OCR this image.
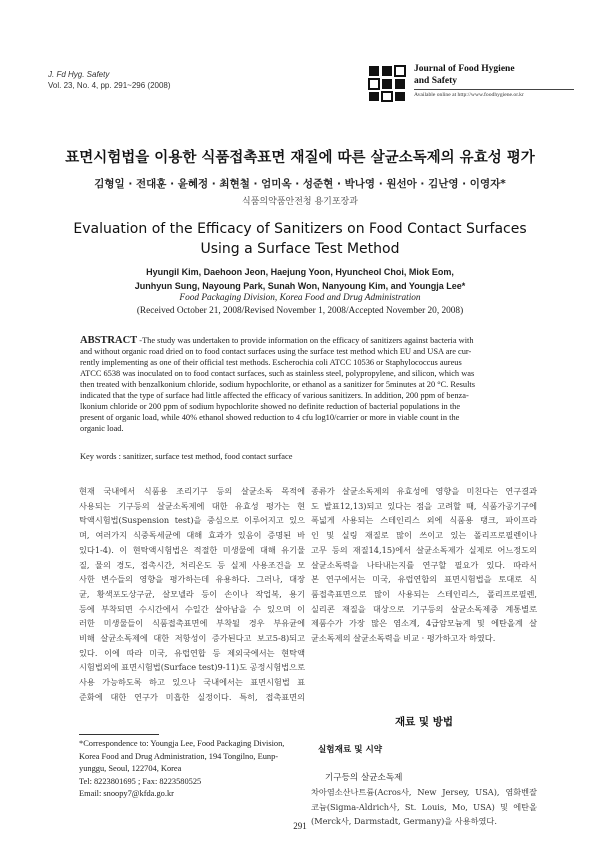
J. Fd Hyg. Safety
Vol. 23, No. 4, pp. 291~296 (2008)
Journal of Food Hygiene
and Safety
Available online at http://www.foodhygiene.or.kr
표면시험법을 이용한 식품접촉표면 재질에 따른 살균소독제의 유효성 평가
김형일 · 전대훈 · 윤혜정 · 최현철 · 엄미옥 · 성준현 · 박나영 · 원선아 · 김난영 · 이영자*
식품의약품안전청 용기포장과
Evaluation of the Efficacy of Sanitizers on Food Contact Surfaces
Using a Surface Test Method
Hyungil Kim, Daehoon Jeon, Haejung Yoon, Hyuncheol Choi, Miok Eom,
Junhyun Sung, Nayoung Park, Sunah Won, Nanyoung Kim, and Youngja Lee*
Food Packaging Division, Korea Food and Drug Administration
(Received October 21, 2008/Revised November 1, 2008/Accepted November 20, 2008)
ABSTRACT -The study was undertaken to provide information on the efficacy of sanitizers against bacteria with
and without organic road dried on to food contact surfaces using the surface test method which EU and USA are cur-
rently implementing as one of their official test methods. Escherochia coli ATCC 10536 or Staphylococcus aureus
ATCC 6538 was inoculated on to food contact surfaces, such as stainless steel, polypropylene, and silicon, which was
then treated with benzalkonium chloride, sodium hypochlorite, or ethanol as a sanitizer for 5minutes at 20 °C. Results
indicated that the type of surface had little affected the efficacy of various sanitizers. In addition, 200 ppm of benza-
lkonium chloride or 200 ppm of sodium hypochlorite showed no definite reduction of bacterial populations in the
present of organic load, while 40% ethanol showed reduction to 4 cfu log10/carrier or more in viable count in the
organic load.
Key words : sanitizer, surface test method, food contact surface
현재 국내에서 식품용 조리기구 등의 살균소독 목적에
사용되는 기구등의 살균소독제에 대한 유효성 평가는 현
탁액시험법(Suspension test)을 중심으로 이루어지고 있으
며, 여러가지 식중독세균에 대해 효과가 있음이 증명된 바
있다1-4). 이 현탁액시험법은 적절한 미생물에 대해 유기물
질, 물의 경도, 접촉시간, 처리온도 등 실제 사용조건을 모
사한 변수들의 영향을 평가하는데 유용하다. 그러나, 대장
균, 황색포도상구균, 살모넬라 등이 손이나 작업복, 용기
등에 부착되면 수시간에서 수일간 살아남을 수 있으며 이
러한 미생물들이 식품접촉표면에 부착될 경우 부유균에
비해 살균소독제에 대한 저항성이 증가된다고 보고5-8)되고
있다. 이에 따라 미국, 유럽연합 등 제외국에서는 현탁액
시험법외에 표면시험법(Surface test)9-11)도 공정시험법으로
사용 가능하도록 하고 있으나 국내에서는 표면시험법 표
준화에 대한 연구가 미흡한 실정이다. 특히, 접촉표면의
종류가 살균소독제의 유효성에 영향을 미친다는 연구결과
도 발표12,13)되고 있다는 점을 고려할 때, 식품가공기구에
폭넓게 사용되는 스테인리스 외에 식품용 탱크, 파이프라
인 및 실링 재질로 많이 쓰이고 있는 폴리프로필렌이나
고무 등의 재질14,15)에서 살균소독제가 실제로 어느정도의
살균소독력을 나타내는지를 연구할 필요가 있다. 따라서
본 연구에서는 미국, 유럽연합의 표면시험법을 토대로 식
품접촉표면으로 많이 사용되는 스테인리스, 폴리프로필렌,
실리콘 재질을 대상으로 기구등의 살균소독제중 계통별로
제품수가 가장 많은 염소계, 4급암모늄계 및 에탄올계 살
균소독제의 살균소독력을 비교 · 평가하고자 하였다.
재료 및 방법
실험재료 및 시약
기구등의 살균소독제
차아염소산나트륨(Acros사, New Jersey, USA), 염화벤잘
코늄(Sigma-Aldrich사, St. Louis, Mo, USA) 및 에탄올
(Merck사, Darmstadt, Germany)을 사용하였다.
*Correspondence to: Youngja Lee, Food Packaging Division,
Korea Food and Drug Administration, 194 Tongilno, Eunp-
yunggu, Seoul, 122704, Korea
Tel: 8223801695 ; Fax: 8223580525
Email: snoopy7@kfda.go.kr
291
